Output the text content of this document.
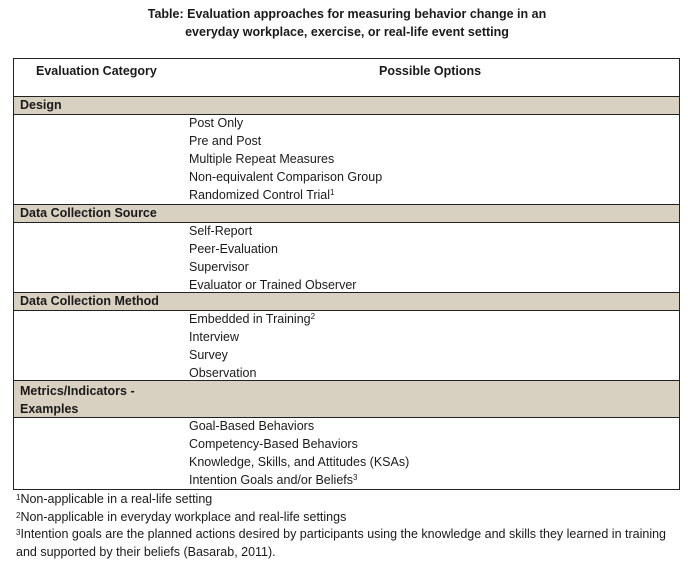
Table: Evaluation approaches for measuring behavior change in an
everyday workplace, exercise, or real-life event setting
Evaluation Category	Possible Options
Design
Post Only
Pre and Post
Multiple Repeat Measures
Non-equivalent Comparison Group
Randomized Control Trial$^1$
Data Collection Source
Self-Report
Peer-Evaluation
Supervisor
Evaluator or Trained Observer
Data Collection Method
Embedded in Training$^2$
Interview
Survey
Observation
Metrics/Indicators -
Examples
Goal-Based Behaviors
Competency-Based Behaviors
Knowledge, Skills, and Attitudes (KSAs)
Intention Goals and/or Beliefs$^3$

$^1$Non-applicable in a real-life setting

$^2$Non-applicable in everyday workplace and real-life settings

$^3$Intention goals are the planned actions desired by participants using the knowledge and skills they learned in training and supported by their beliefs (Basarab, 2011).
